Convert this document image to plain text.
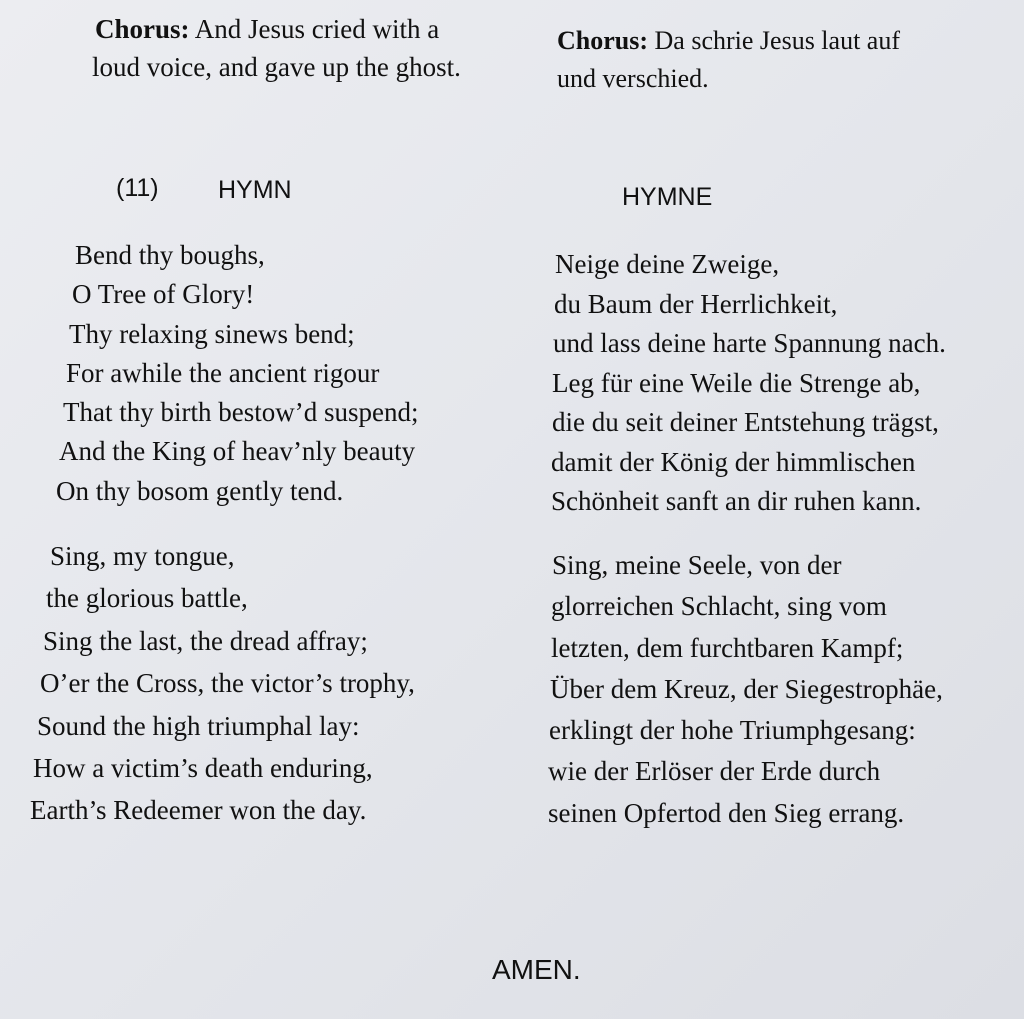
Chorus: And Jesus cried with a
loud voice, and gave up the ghost.
Chorus: Da schrie Jesus laut auf
und verschied.
(11) HYMN	HYMNE
Bend thy boughs,
O Tree of Glory!
Thy relaxing sinews bend;
For awhile the ancient rigour
That thy birth bestow’d suspend;
And the King of heav’nly beauty
On thy bosom gently tend.
Neige deine Zweige,
du Baum der Herrlichkeit,
und lass deine harte Spannung nach.
Leg für eine Weile die Strenge ab,
die du seit deiner Entstehung trägst,
damit der König der himmlischen
Schönheit sanft an dir ruhen kann.
Sing, my tongue,
the glorious battle,
Sing the last, the dread affray;
O’er the Cross, the victor’s trophy,
Sound the high triumphal lay:
How a victim’s death enduring,
Earth’s Redeemer won the day.
Sing, meine Seele, von der
glorreichen Schlacht, sing vom
letzten, dem furchtbaren Kampf;
Über dem Kreuz, der Siegestrophäe,
erklingt der hohe Triumphgesang:
wie der Erlöser der Erde durch
seinen Opfertod den Sieg errang.
AMEN.
